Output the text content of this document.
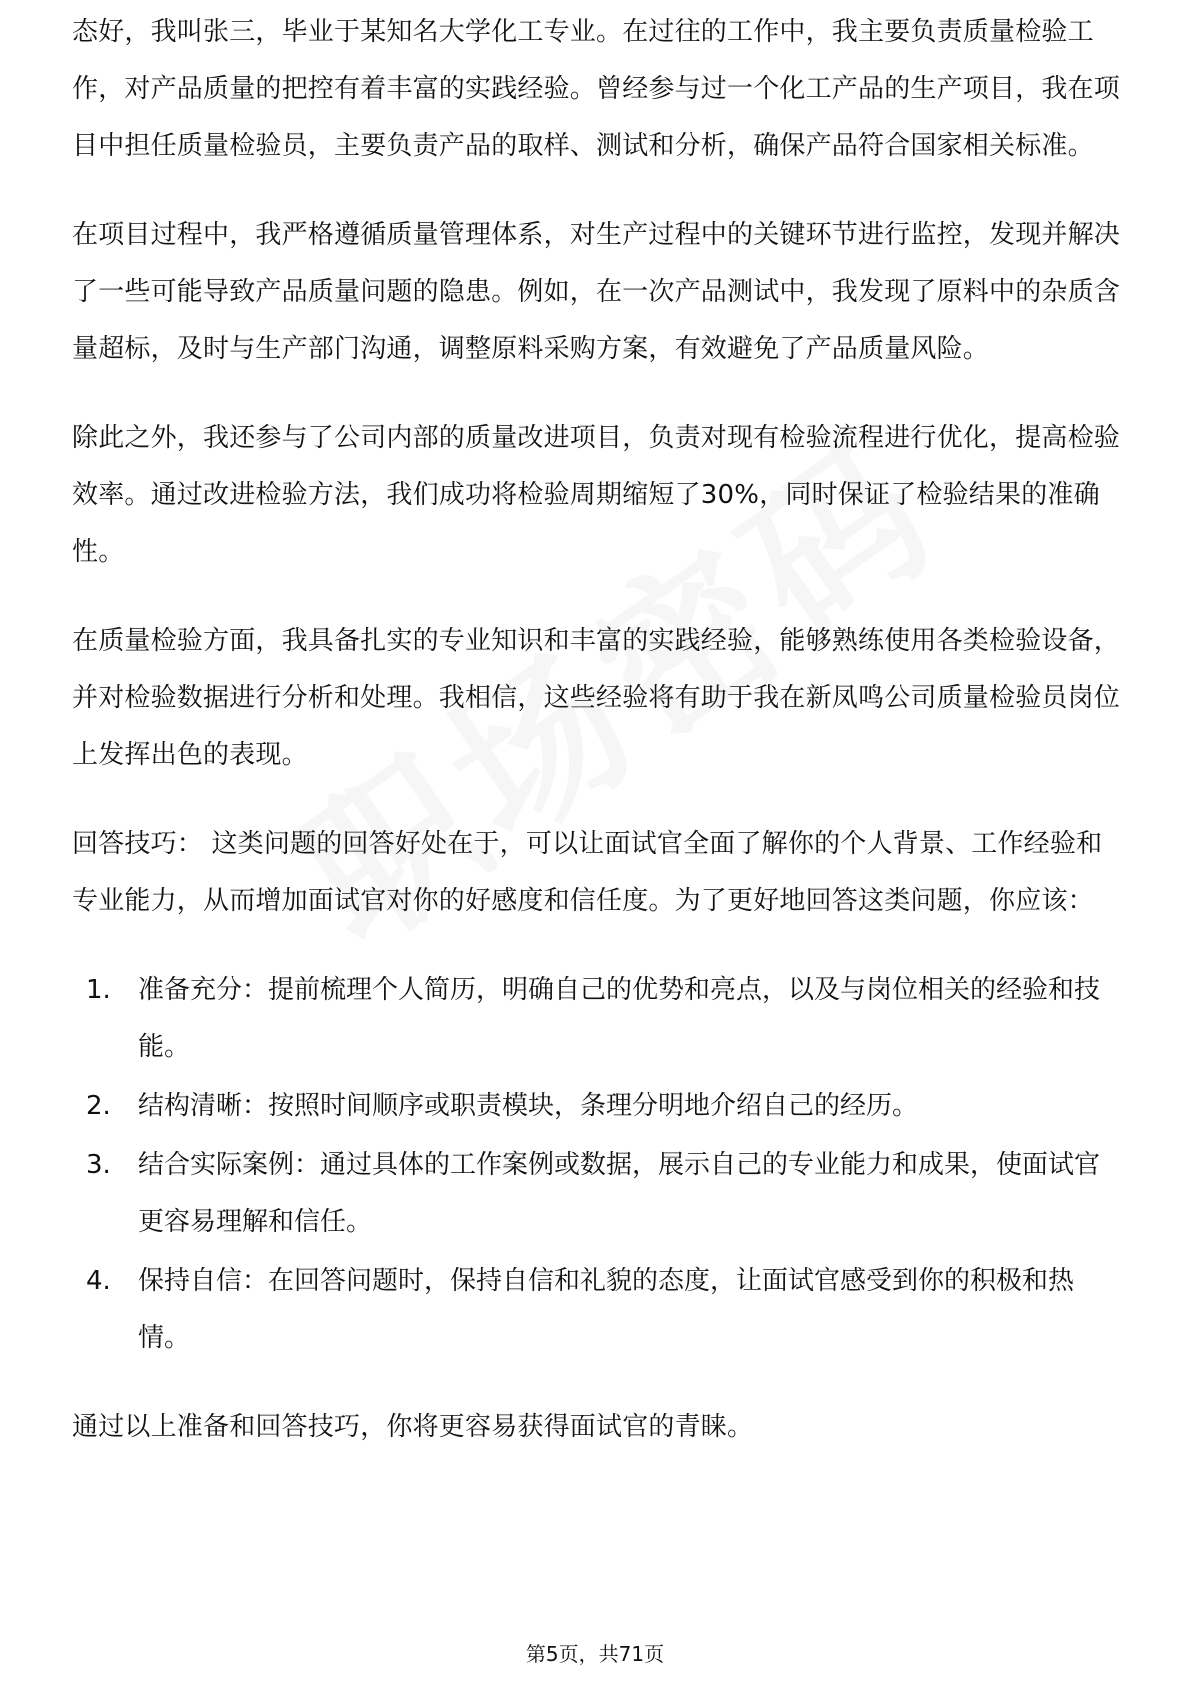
态好，我叫张三，毕业于某知名大学化工专业。在过往的工作中，我主要负责质量检验工作，对产品质量的把控有着丰富的实践经验。曾经参与过一个化工产品的生产项目，我在项目中担任质量检验员，主要负责产品的取样、测试和分析，确保产品符合国家相关标准。

在项目过程中，我严格遵循质量管理体系，对生产过程中的关键环节进行监控，发现并解决了一些可能导致产品质量问题的隐患。例如，在一次产品测试中，我发现了原料中的杂质含量超标，及时与生产部门沟通，调整原料采购方案，有效避免了产品质量风险。

除此之外，我还参与了公司内部的质量改进项目，负责对现有检验流程进行优化，提高检验效率。通过改进检验方法，我们成功将检验周期缩短了30%，同时保证了检验结果的准确性。

在质量检验方面，我具备扎实的专业知识和丰富的实践经验，能够熟练使用各类检验设备，并对检验数据进行分析和处理。我相信，这些经验将有助于我在新凤鸣公司质量检验员岗位上发挥出色的表现。

回答技巧： 这类问题的回答好处在于，可以让面试官全面了解你的个人背景、工作经验和专业能力，从而增加面试官对你的好感度和信任度。为了更好地回答这类问题，你应该：

1.	准备充分：提前梳理个人简历，明确自己的优势和亮点，以及与岗位相关的经验和技能。
2.	结构清晰：按照时间顺序或职责模块，条理分明地介绍自己的经历。
3.	结合实际案例：通过具体的工作案例或数据，展示自己的专业能力和成果，使面试官更容易理解和信任。
4.	保持自信：在回答问题时，保持自信和礼貌的态度，让面试官感受到你的积极和热情。

通过以上准备和回答技巧，你将更容易获得面试官的青睐。

第5页，共71页
